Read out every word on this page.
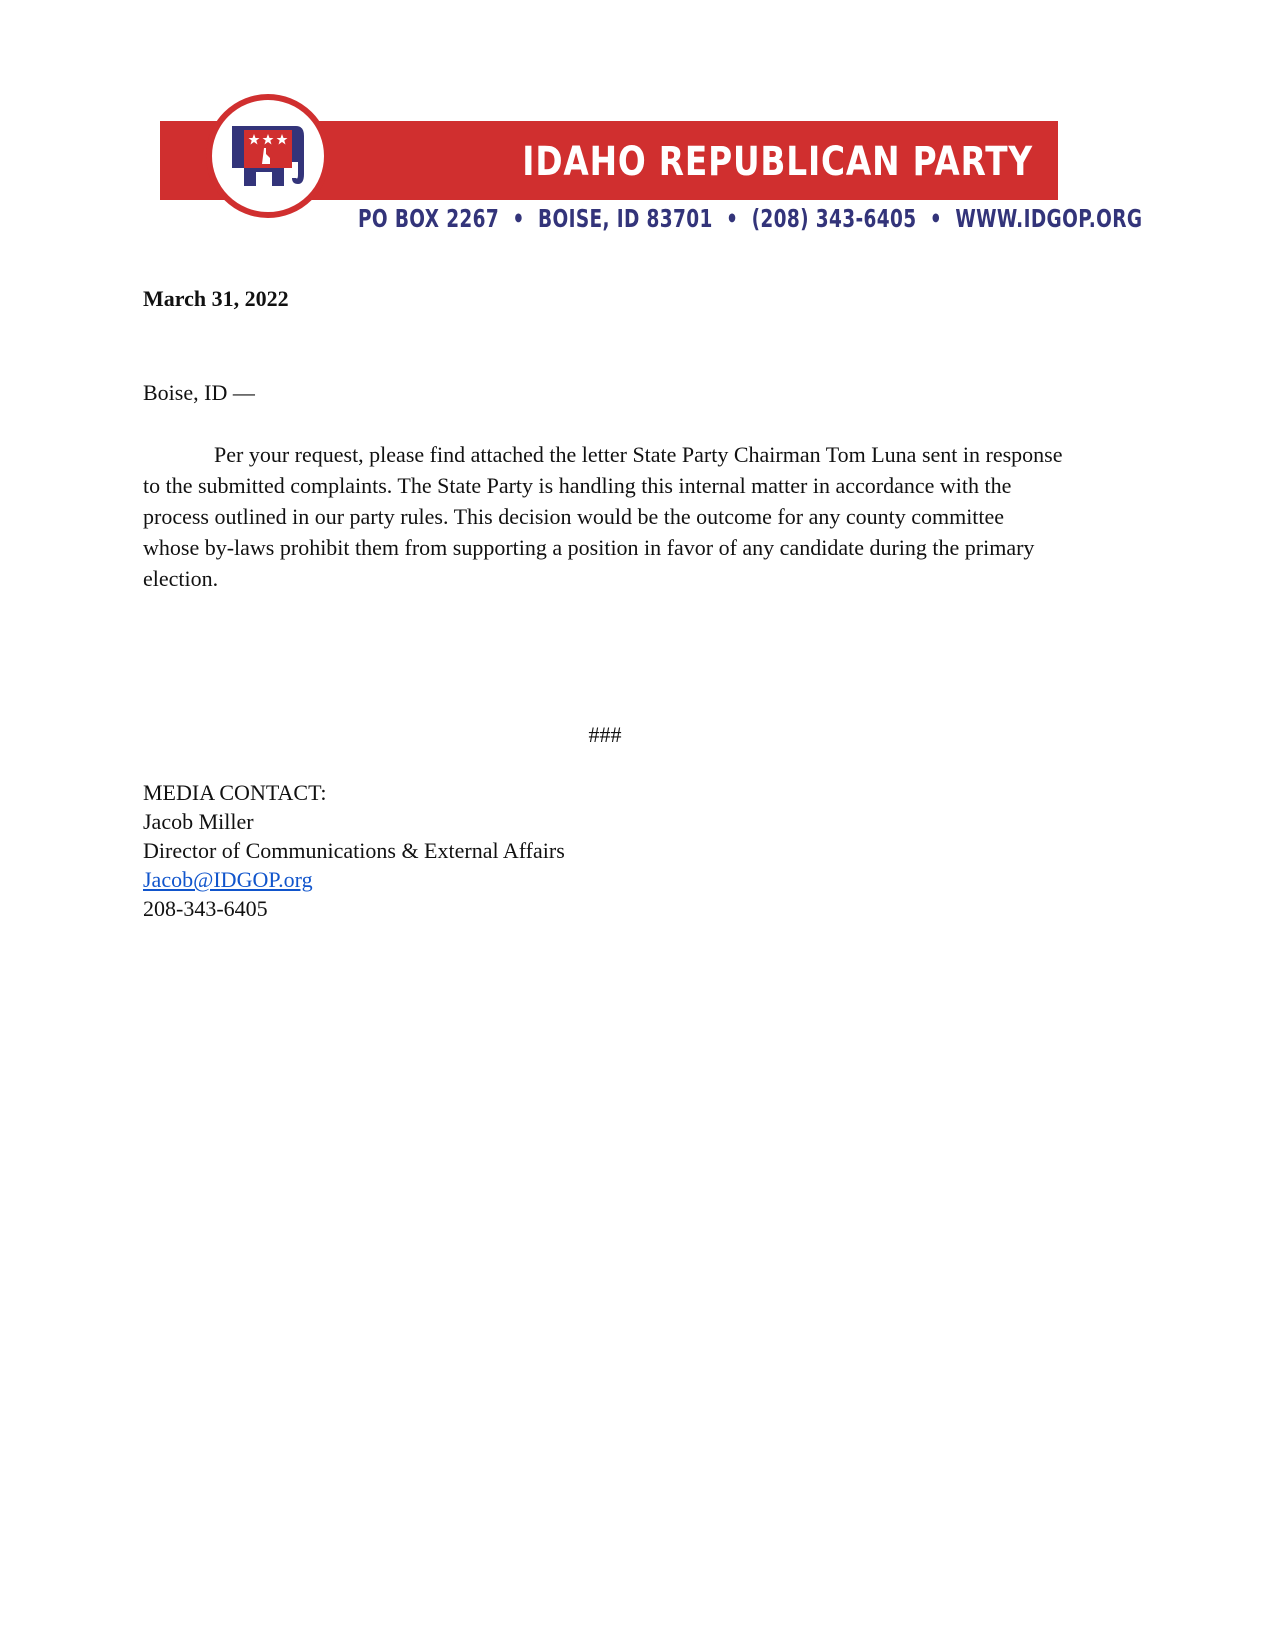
IDAHO REPUBLICAN PARTY
PO BOX 2267 • BOISE, ID 83701 • (208) 343-6405 • WWW.IDGOP.ORG
March 31, 2022
Boise, ID —

Per your request, please find attached the letter State Party Chairman Tom Luna sent in response to the submitted complaints. The State Party is handling this internal matter in accordance with the process outlined in our party rules. This decision would be the outcome for any county committee whose by-laws prohibit them from supporting a position in favor of any candidate during the primary election.

###
MEDIA CONTACT:
Jacob Miller
Director of Communications & External Affairs
Jacob@IDGOP.org
208-343-6405
